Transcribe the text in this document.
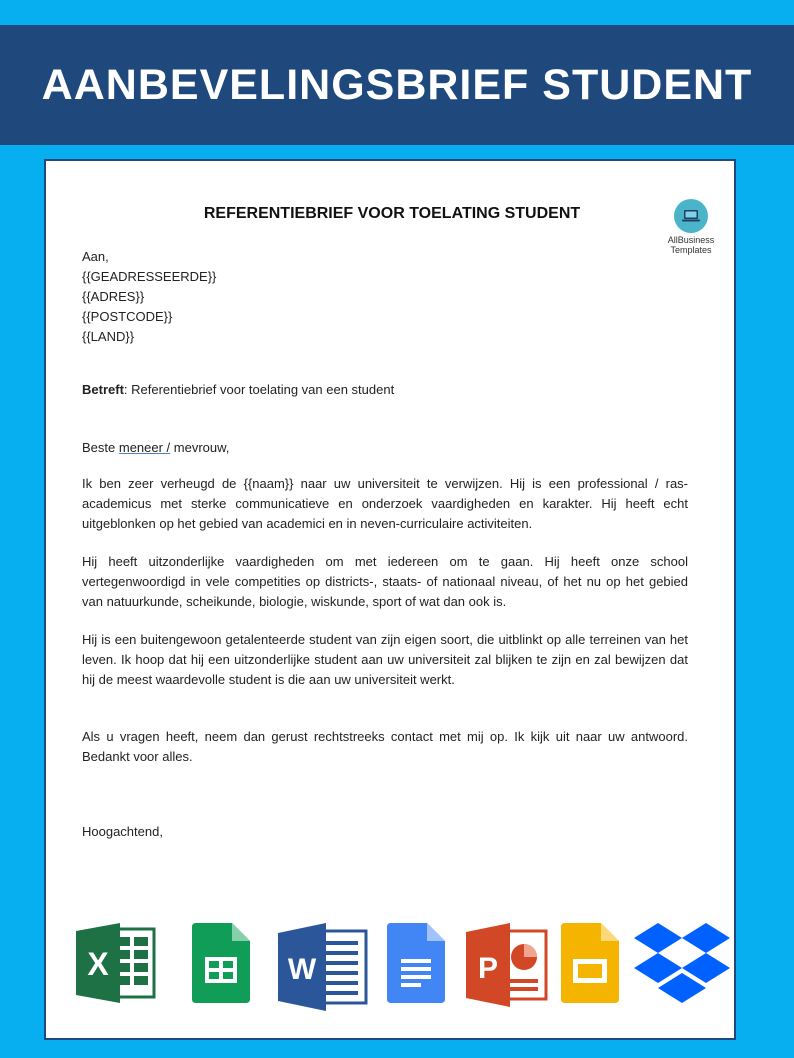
AANBEVELINGSBRIEF STUDENT
AllBusiness
Templates
REFERENTIEBRIEF VOOR TOELATING STUDENT
Aan,
{{GEADRESSEERDE}}
{{ADRES}}
{{POSTCODE}}
{{LAND}}
Betreft: Referentiebrief voor toelating van een student
Beste meneer / mevrouw,
Ik ben zeer verheugd de {{naam}} naar uw universiteit te verwijzen. Hij is een professional / ras-academicus met sterke communicatieve en onderzoek vaardigheden en karakter. Hij heeft echt uitgeblonken op het gebied van academici en in neven-curriculaire activiteiten.
Hij heeft uitzonderlijke vaardigheden om met iedereen om te gaan. Hij heeft onze school vertegenwoordigd in vele competities op districts-, staats- of nationaal niveau, of het nu op het gebied van natuurkunde, scheikunde, biologie, wiskunde, sport of wat dan ook is.
Hij is een buitengewoon getalenteerde student van zijn eigen soort, die uitblinkt op alle terreinen van het leven. Ik hoop dat hij een uitzonderlijke student aan uw universiteit zal blijken te zijn en zal bewijzen dat hij de meest waardevolle student is die aan uw universiteit werkt.
Als u vragen heeft, neem dan gerust rechtstreeks contact met mij op. Ik kijk uit naar uw antwoord. Bedankt voor alles.
Hoogachtend,
X	W	P
